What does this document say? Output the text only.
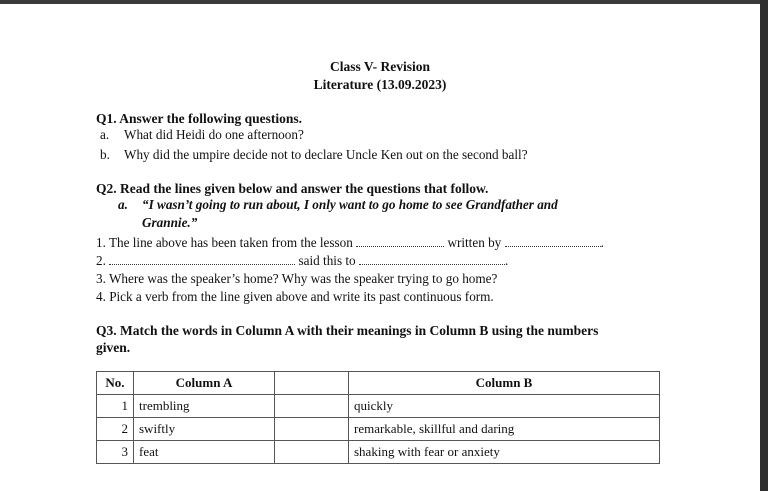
Class V- Revision
Literature (13.09.2023)
Q1. Answer the following questions.
a. What did Heidi do one afternoon?
b. Why did the umpire decide not to declare Uncle Ken out on the second ball?
Q2. Read the lines given below and answer the questions that follow.
a. “I wasn’t going to run about, I only want to go home to see Grandfather and
Grannie.”
1. The line above has been taken from the lesson	written by	.
2.	said this to	.
3. Where was the speaker’s home? Why was the speaker trying to go home?
4. Pick a verb from the line given above and write its past continuous form.
Q3. Match the words in Column A with their meanings in Column B using the numbers
given.
No.	Column A		Column B
1	trembling		quickly
2	swiftly		remarkable, skillful and daring
3	feat		shaking with fear or anxiety
